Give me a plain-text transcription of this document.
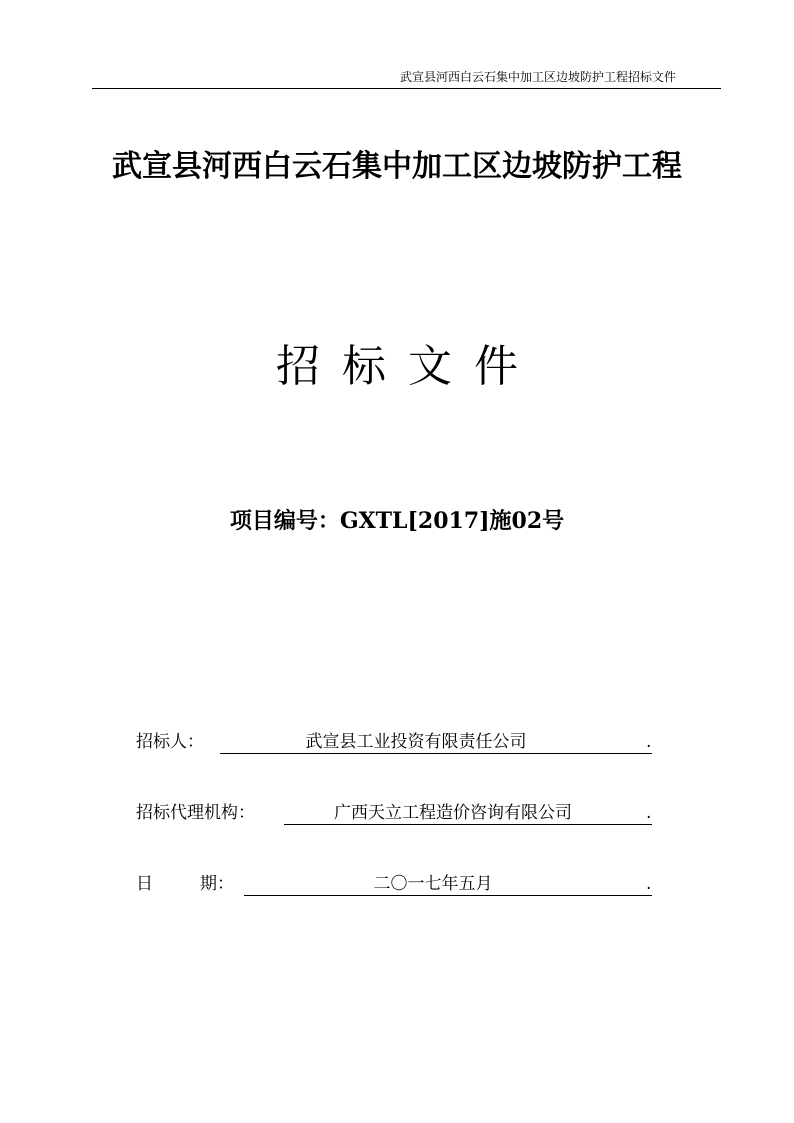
武宣县河西白云石集中加工区边坡防护工程招标文件
武宣县河西白云石集中加工区边坡防护工程
招 标 文 件
项目编号：GXTL[2017]施02号
招标人：	武宣县工业投资有限责任公司	.
招标代理机构：	广西天立工程造价咨询有限公司	.
日	期：	二〇一七年五月	.
